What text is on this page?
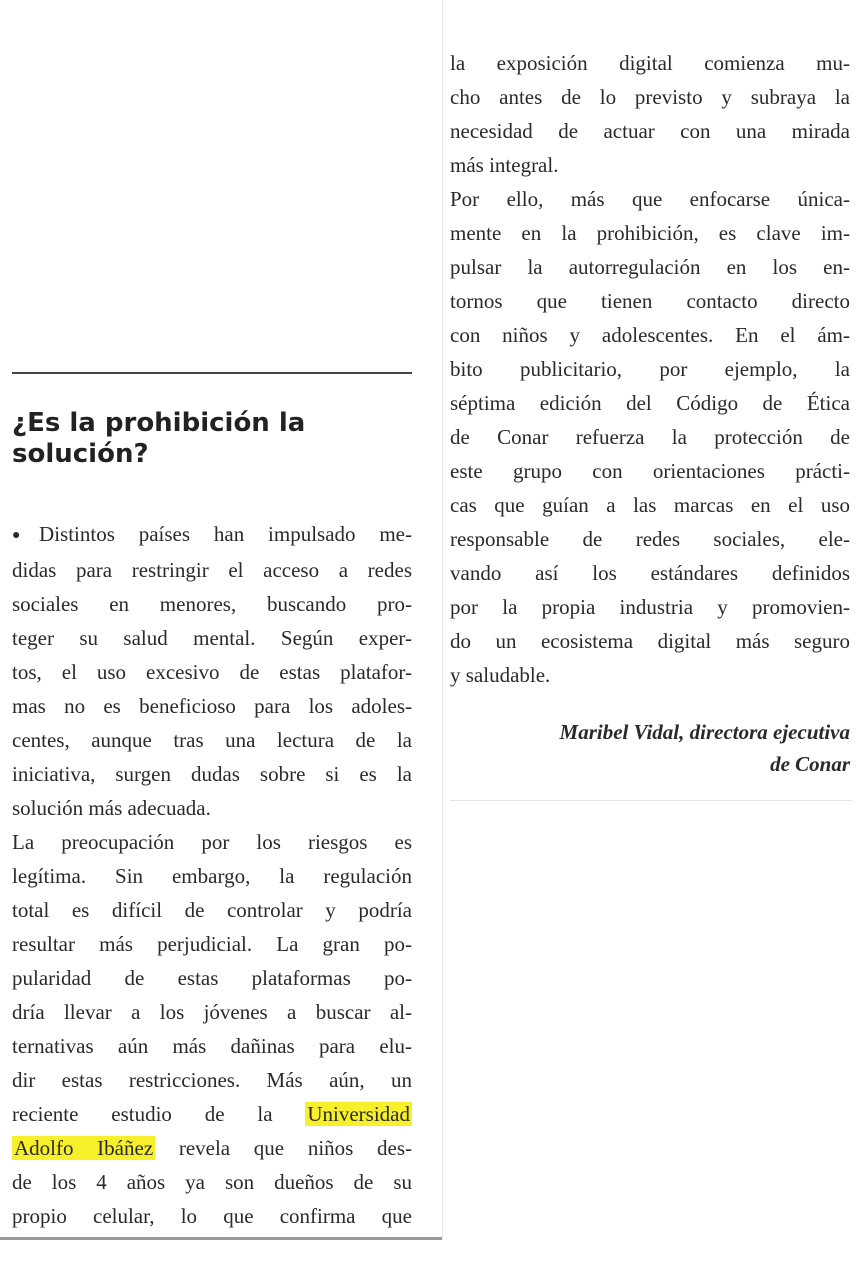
¿Es la prohibición la
solución?
●Distintos países han impulsado me-
didas para restringir el acceso a redes
sociales en menores, buscando pro-
teger su salud mental. Según exper-
tos, el uso excesivo de estas platafor-
mas no es beneficioso para los adoles-
centes, aunque tras una lectura de la
iniciativa, surgen dudas sobre si es la
solución más adecuada.
La preocupación por los riesgos es
legítima. Sin embargo, la regulación
total es difícil de controlar y podría
resultar más perjudicial. La gran po-
pularidad de estas plataformas po-
dría llevar a los jóvenes a buscar al-
ternativas aún más dañinas para elu-
dir estas restricciones. Más aún, un
reciente estudio de la Universidad
Adolfo Ibáñez revela que niños des-
de los 4 años ya son dueños de su
propio celular, lo que confirma que
la exposición digital comienza mu-
cho antes de lo previsto y subraya la
necesidad de actuar con una mirada
más integral.
Por ello, más que enfocarse única-
mente en la prohibición, es clave im-
pulsar la autorregulación en los en-
tornos que tienen contacto directo
con niños y adolescentes. En el ám-
bito publicitario, por ejemplo, la
séptima edición del Código de Ética
de Conar refuerza la protección de
este grupo con orientaciones prácti-
cas que guían a las marcas en el uso
responsable de redes sociales, ele-
vando así los estándares definidos
por la propia industria y promovien-
do un ecosistema digital más seguro
y saludable.
Maribel Vidal, directora ejecutiva
de Conar
